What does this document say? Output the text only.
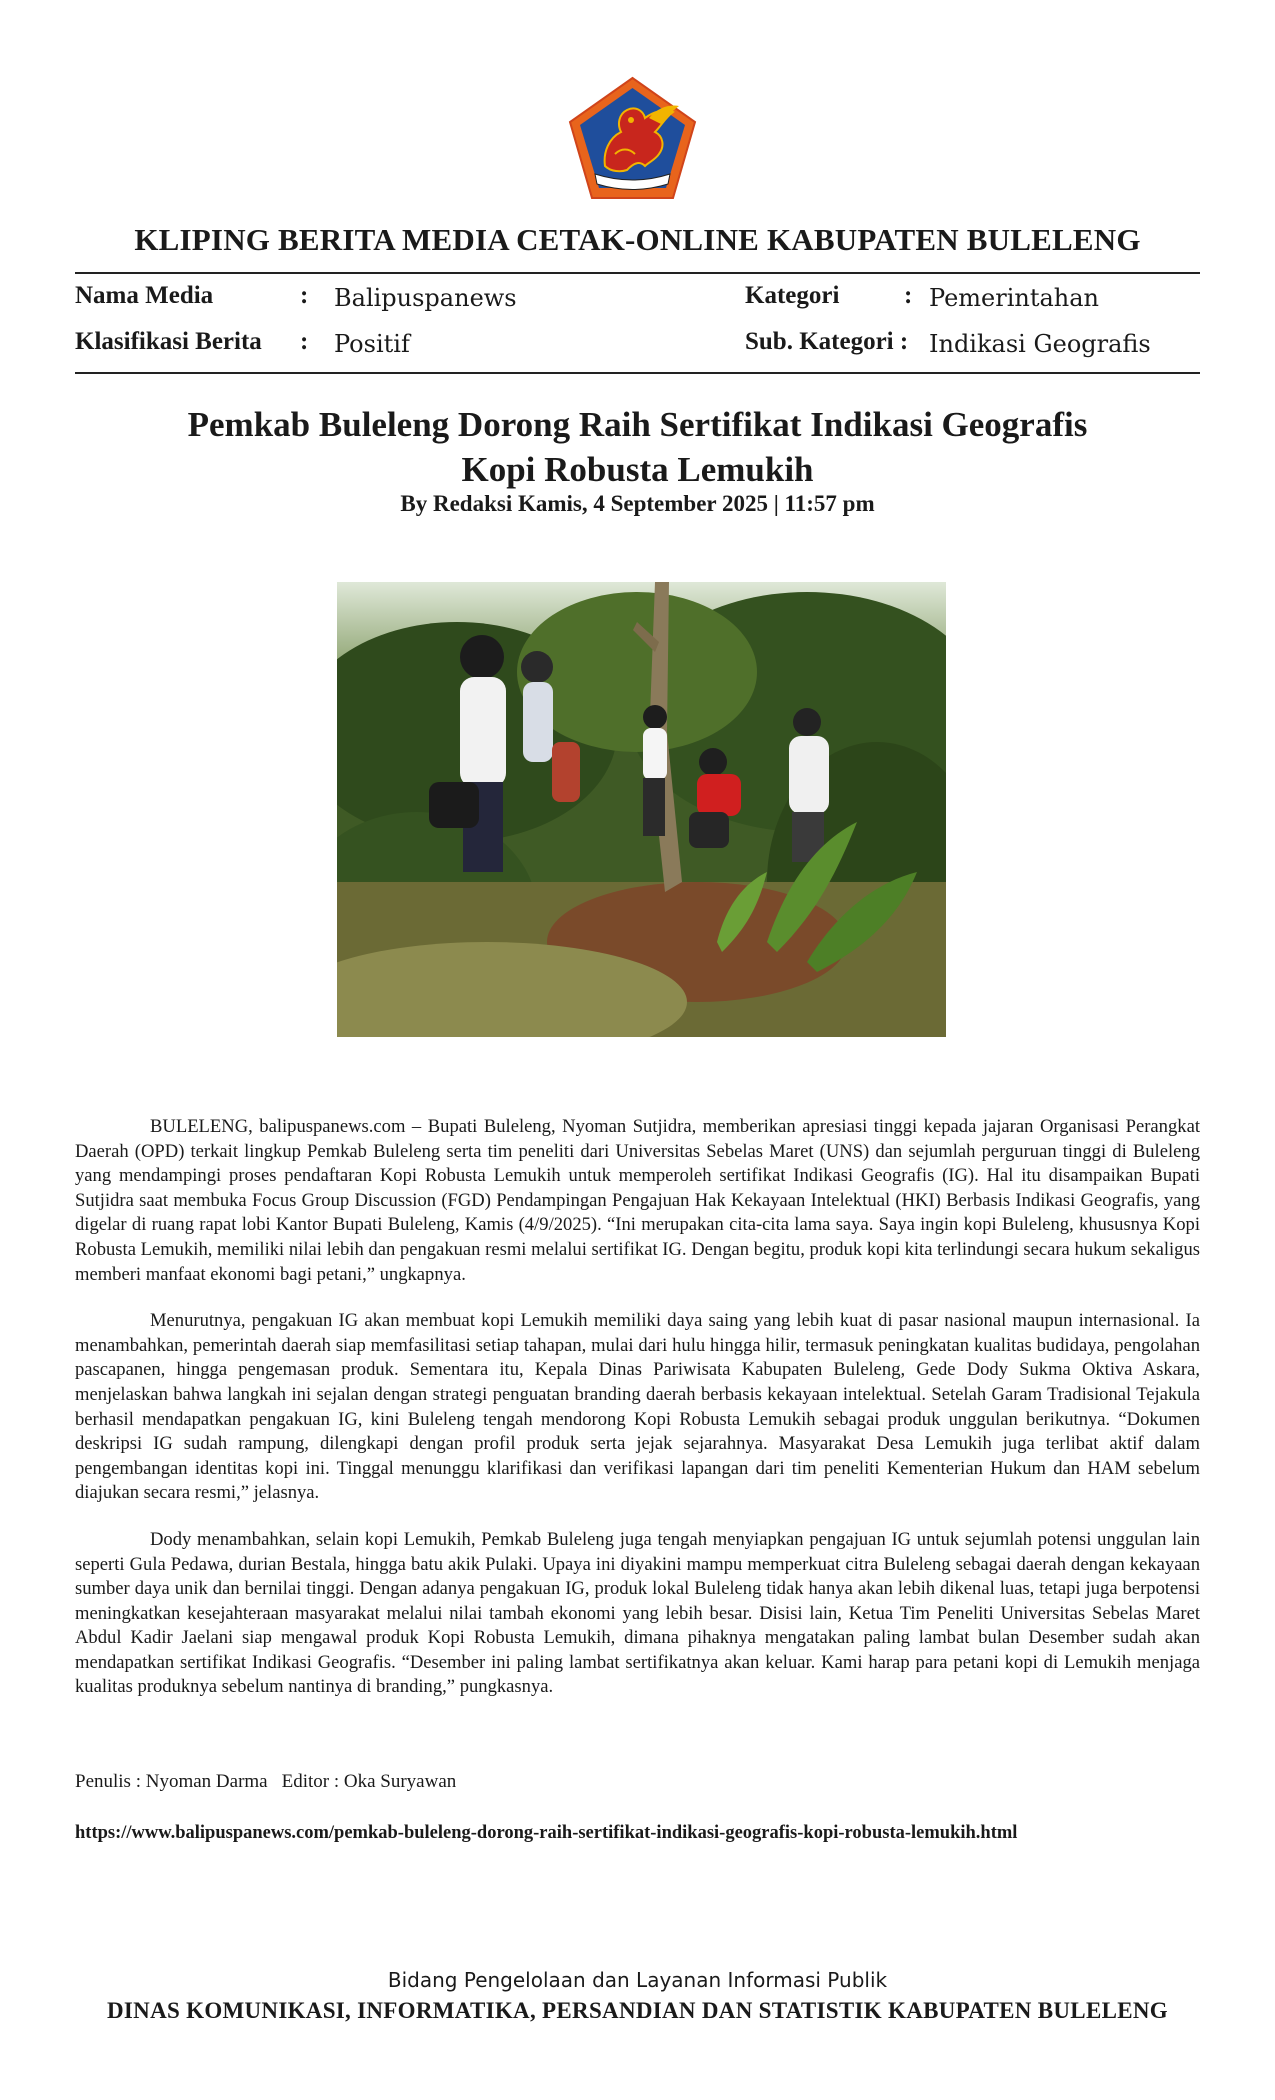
KLIPING BERITA MEDIA CETAK-ONLINE KABUPATEN BULELENG
Nama Media	: Balipuspanews
Klasifikasi Berita : Positif
Kategori	: Pemerintahan
Sub. Kategori : Indikasi Geografis
Pemkab Buleleng Dorong Raih Sertifikat Indikasi Geografis
Kopi Robusta Lemukih
By Redaksi Kamis, 4 September 2025 | 11:57 pm

BULELENG, balipuspanews.com – Bupati Buleleng, Nyoman Sutjidra, memberikan apresiasi tinggi kepada jajaran Organisasi Perangkat Daerah (OPD) terkait lingkup Pemkab Buleleng serta tim peneliti dari Universitas Sebelas Maret (UNS) dan sejumlah perguruan tinggi di Buleleng yang mendampingi proses pendaftaran Kopi Robusta Lemukih untuk memperoleh sertifikat Indikasi Geografis (IG). Hal itu disampaikan Bupati Sutjidra saat membuka Focus Group Discussion (FGD) Pendampingan Pengajuan Hak Kekayaan Intelektual (HKI) Berbasis Indikasi Geografis, yang digelar di ruang rapat lobi Kantor Bupati Buleleng, Kamis (4/9/2025). “Ini merupakan cita-cita lama saya. Saya ingin kopi Buleleng, khususnya Kopi Robusta Lemukih, memiliki nilai lebih dan pengakuan resmi melalui sertifikat IG. Dengan begitu, produk kopi kita terlindungi secara hukum sekaligus memberi manfaat ekonomi bagi petani,” ungkapnya.

Menurutnya, pengakuan IG akan membuat kopi Lemukih memiliki daya saing yang lebih kuat di pasar nasional maupun internasional. Ia menambahkan, pemerintah daerah siap memfasilitasi setiap tahapan, mulai dari hulu hingga hilir, termasuk peningkatan kualitas budidaya, pengolahan pascapanen, hingga pengemasan produk. Sementara itu, Kepala Dinas Pariwisata Kabupaten Buleleng, Gede Dody Sukma Oktiva Askara, menjelaskan bahwa langkah ini sejalan dengan strategi penguatan branding daerah berbasis kekayaan intelektual. Setelah Garam Tradisional Tejakula berhasil mendapatkan pengakuan IG, kini Buleleng tengah mendorong Kopi Robusta Lemukih sebagai produk unggulan berikutnya. “Dokumen deskripsi IG sudah rampung, dilengkapi dengan profil produk serta jejak sejarahnya. Masyarakat Desa Lemukih juga terlibat aktif dalam pengembangan identitas kopi ini. Tinggal menunggu klarifikasi dan verifikasi lapangan dari tim peneliti Kementerian Hukum dan HAM sebelum diajukan secara resmi,” jelasnya.

Dody menambahkan, selain kopi Lemukih, Pemkab Buleleng juga tengah menyiapkan pengajuan IG untuk sejumlah potensi unggulan lain seperti Gula Pedawa, durian Bestala, hingga batu akik Pulaki. Upaya ini diyakini mampu memperkuat citra Buleleng sebagai daerah dengan kekayaan sumber daya unik dan bernilai tinggi. Dengan adanya pengakuan IG, produk lokal Buleleng tidak hanya akan lebih dikenal luas, tetapi juga berpotensi meningkatkan kesejahteraan masyarakat melalui nilai tambah ekonomi yang lebih besar. Disisi lain, Ketua Tim Peneliti Universitas Sebelas Maret Abdul Kadir Jaelani siap mengawal produk Kopi Robusta Lemukih, dimana pihaknya mengatakan paling lambat bulan Desember sudah akan mendapatkan sertifikat Indikasi Geografis. “Desember ini paling lambat sertifikatnya akan keluar. Kami harap para petani kopi di Lemukih menjaga kualitas produknya sebelum nantinya di branding,” pungkasnya.

Penulis : Nyoman Darma Editor : Oka Suryawan
https://www.balipuspanews.com/pemkab-buleleng-dorong-raih-sertifikat-indikasi-geografis-kopi-robusta-lemukih.html
Bidang Pengelolaan dan Layanan Informasi Publik
DINAS KOMUNIKASI, INFORMATIKA, PERSANDIAN DAN STATISTIK KABUPATEN BULELENG
